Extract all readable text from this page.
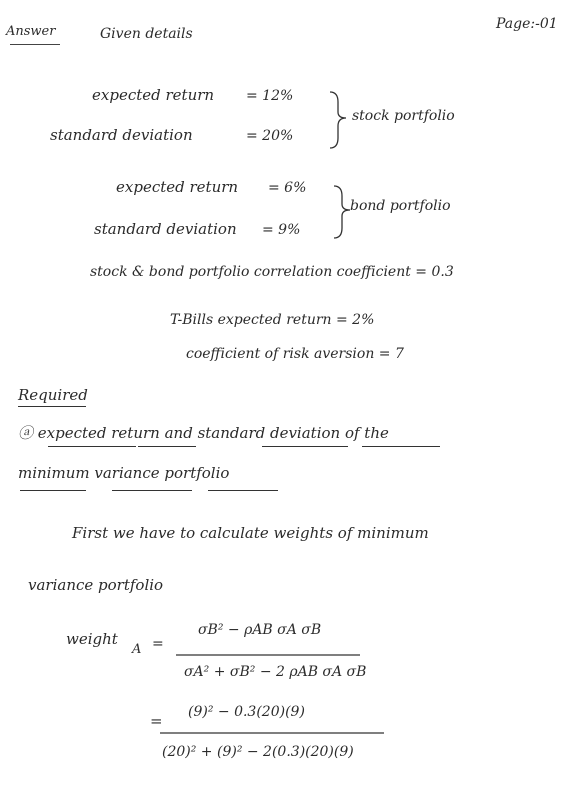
Answer	Given details
Page:-01
expected return = 12%
standard deviation	= 20%
stock portfolio
expected return = 6%
standard deviation = 9%
bond portfolio
stock & bond portfolio correlation coefficient = 0.3
T-Bills expected return = 2%
coefficient of risk aversion = 7
Required
ⓐ expected return and standard deviation of the
minimum variance portfolio
First we have to calculate weights of minimum
variance portfolio
weight
A =
σB² − ρAB σA σB
σA² + σB² − 2 ρAB σA σB
= (9)² − 0.3(20)(9)
(20)² + (9)² − 2(0.3)(20)(9)
